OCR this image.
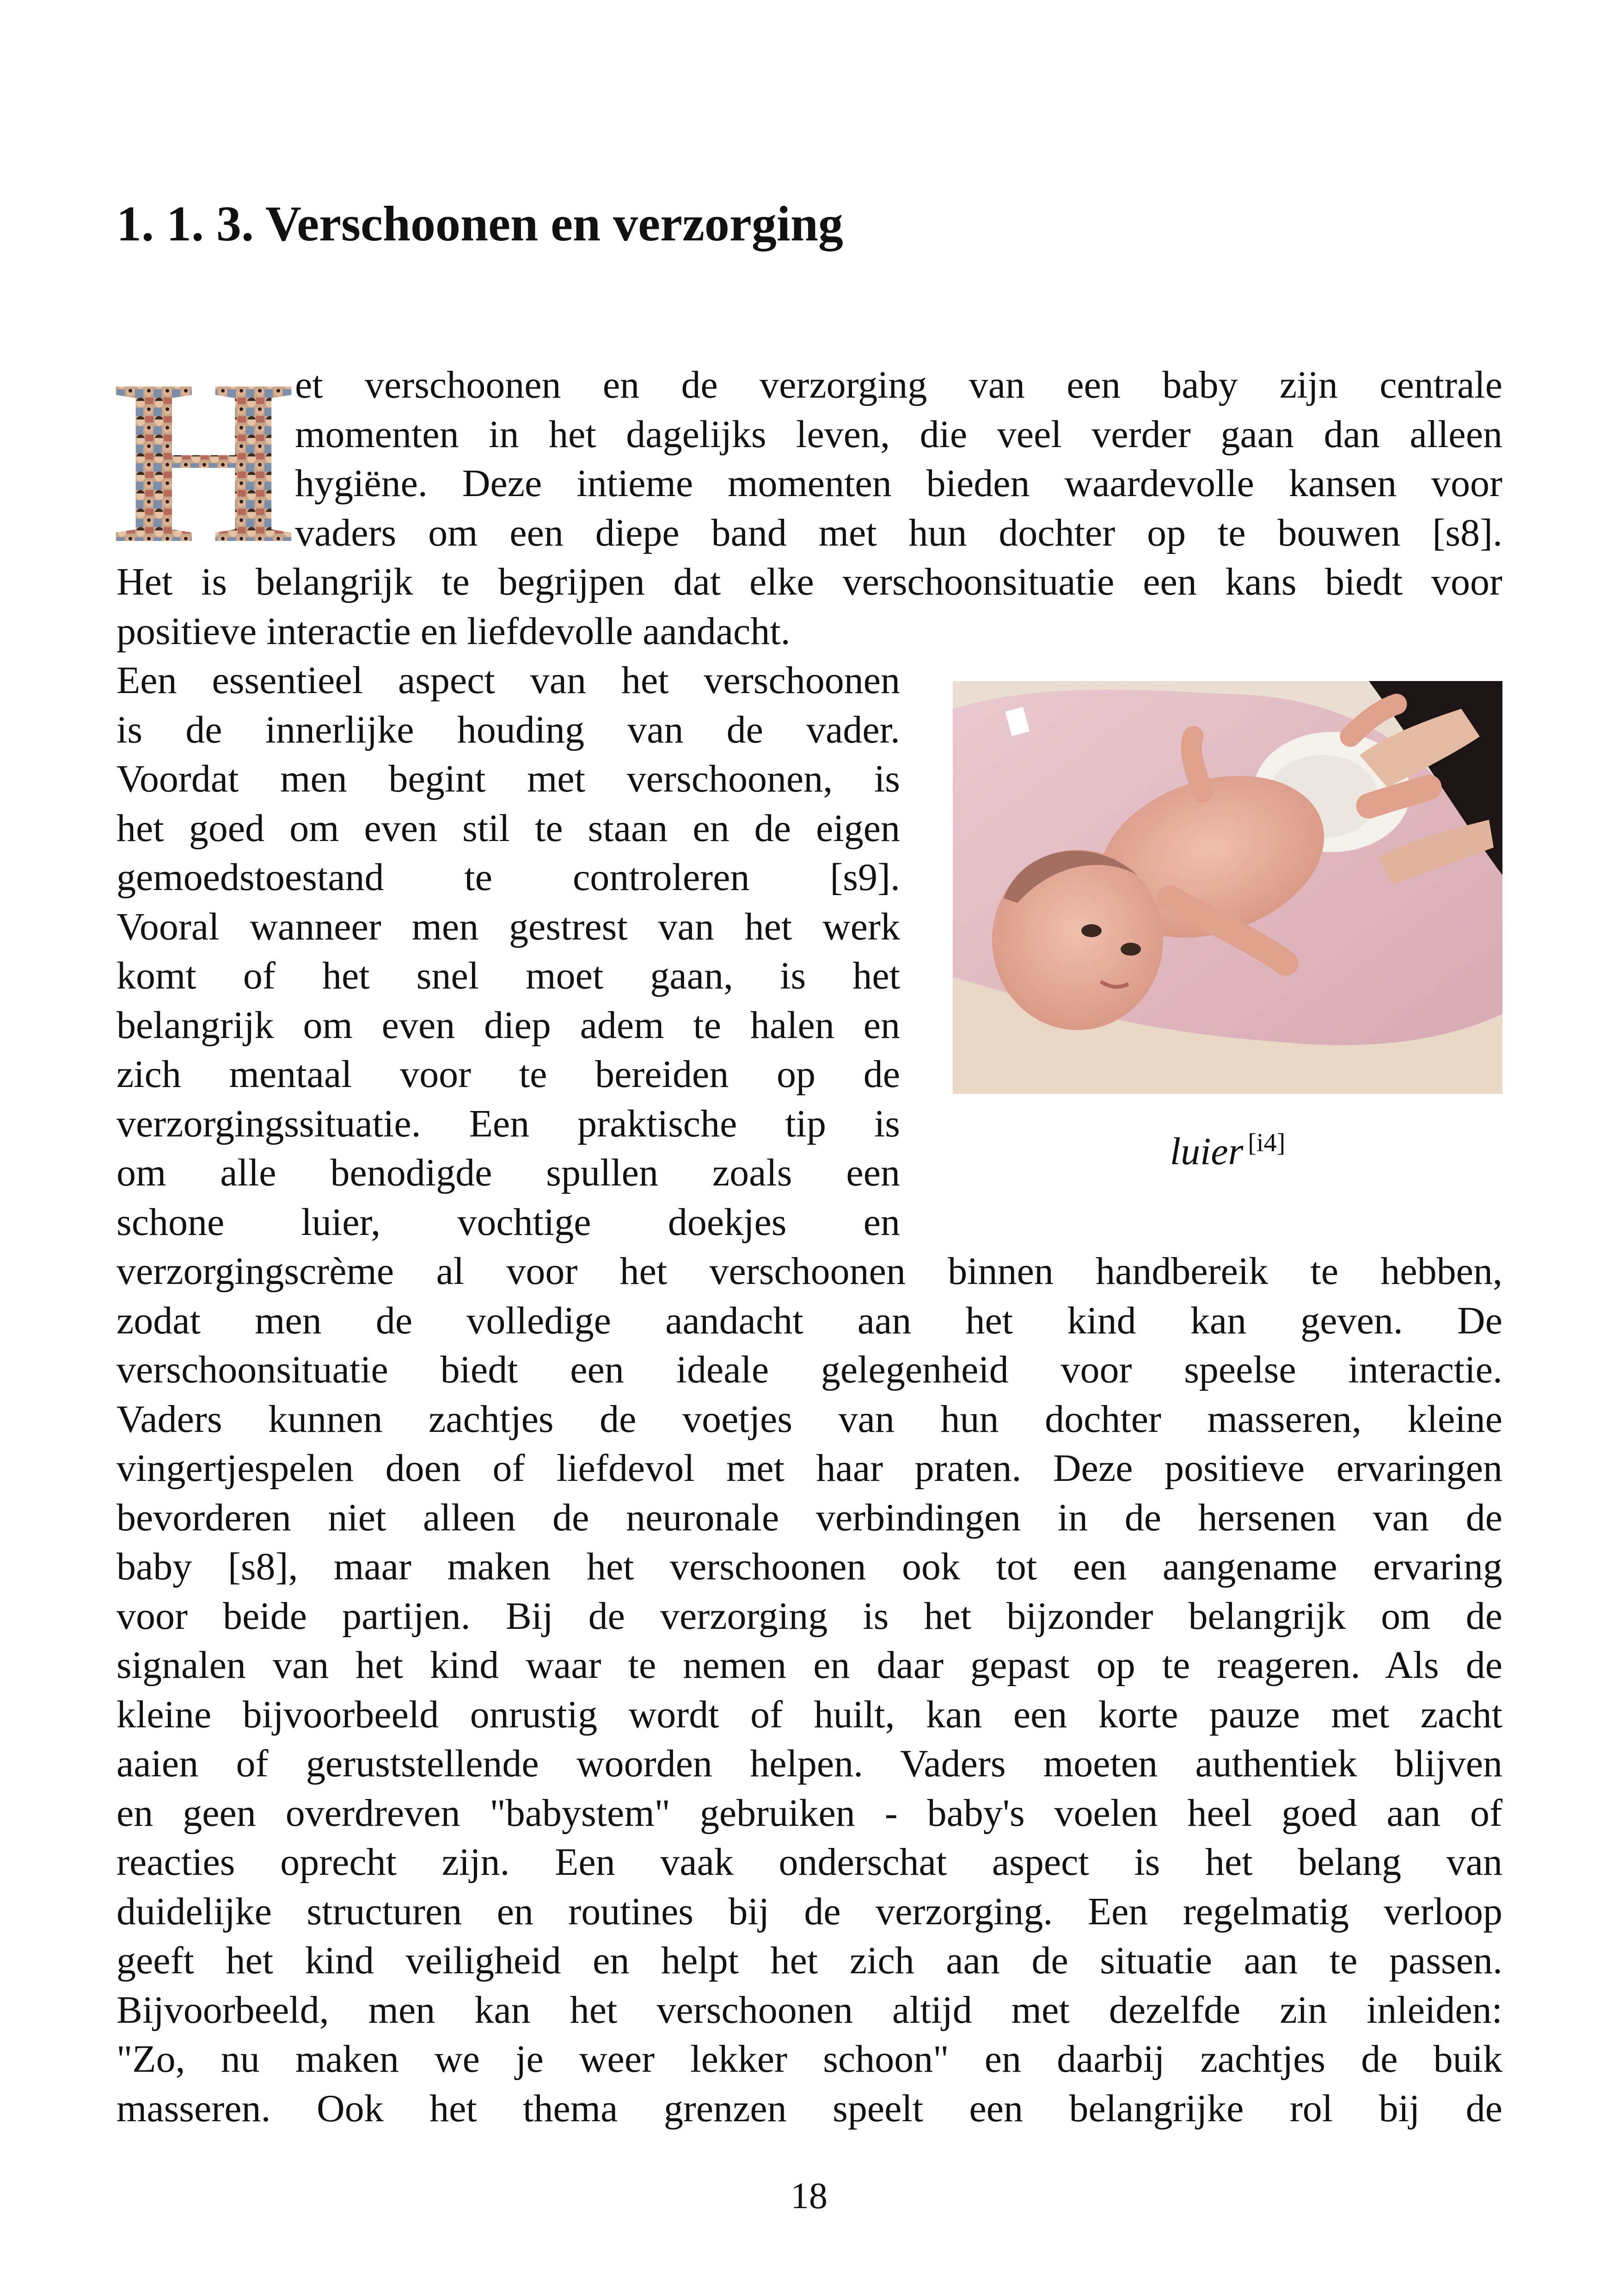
1. 1. 3. Verschoonen en verzorging
H
luier [i4]
et verschoonen en de verzorging van een baby zijn centrale
momenten in het dagelijks leven, die veel verder gaan dan alleen
hygiëne. Deze intieme momenten bieden waardevolle kansen voor
vaders om een diepe band met hun dochter op te bouwen [s8].
Het is belangrijk te begrijpen dat elke verschoonsituatie een kans biedt voor
positieve interactie en liefdevolle aandacht.
Een essentieel aspect van het verschoonen
is de innerlijke houding van de vader.
Voordat men begint met verschoonen, is
het goed om even stil te staan en de eigen
gemoedstoestand te controleren [s9].
Vooral wanneer men gestrest van het werk
komt of het snel moet gaan, is het
belangrijk om even diep adem te halen en
zich mentaal voor te bereiden op de
verzorgingssituatie. Een praktische tip is
om alle benodigde spullen zoals een
schone luier, vochtige doekjes en
verzorgingscrème al voor het verschoonen binnen handbereik te hebben,
zodat men de volledige aandacht aan het kind kan geven. De
verschoonsituatie biedt een ideale gelegenheid voor speelse interactie.
Vaders kunnen zachtjes de voetjes van hun dochter masseren, kleine
vingertjespelen doen of liefdevol met haar praten. Deze positieve ervaringen
bevorderen niet alleen de neuronale verbindingen in de hersenen van de
baby [s8], maar maken het verschoonen ook tot een aangename ervaring
voor beide partijen. Bij de verzorging is het bijzonder belangrijk om de
signalen van het kind waar te nemen en daar gepast op te reageren. Als de
kleine bijvoorbeeld onrustig wordt of huilt, kan een korte pauze met zacht
aaien of geruststellende woorden helpen. Vaders moeten authentiek blijven
en geen overdreven "babystem" gebruiken - baby's voelen heel goed aan of
reacties oprecht zijn. Een vaak onderschat aspect is het belang van
duidelijke structuren en routines bij de verzorging. Een regelmatig verloop
geeft het kind veiligheid en helpt het zich aan de situatie aan te passen.
Bijvoorbeeld, men kan het verschoonen altijd met dezelfde zin inleiden:
"Zo, nu maken we je weer lekker schoon" en daarbij zachtjes de buik
masseren. Ook het thema grenzen speelt een belangrijke rol bij de
18
